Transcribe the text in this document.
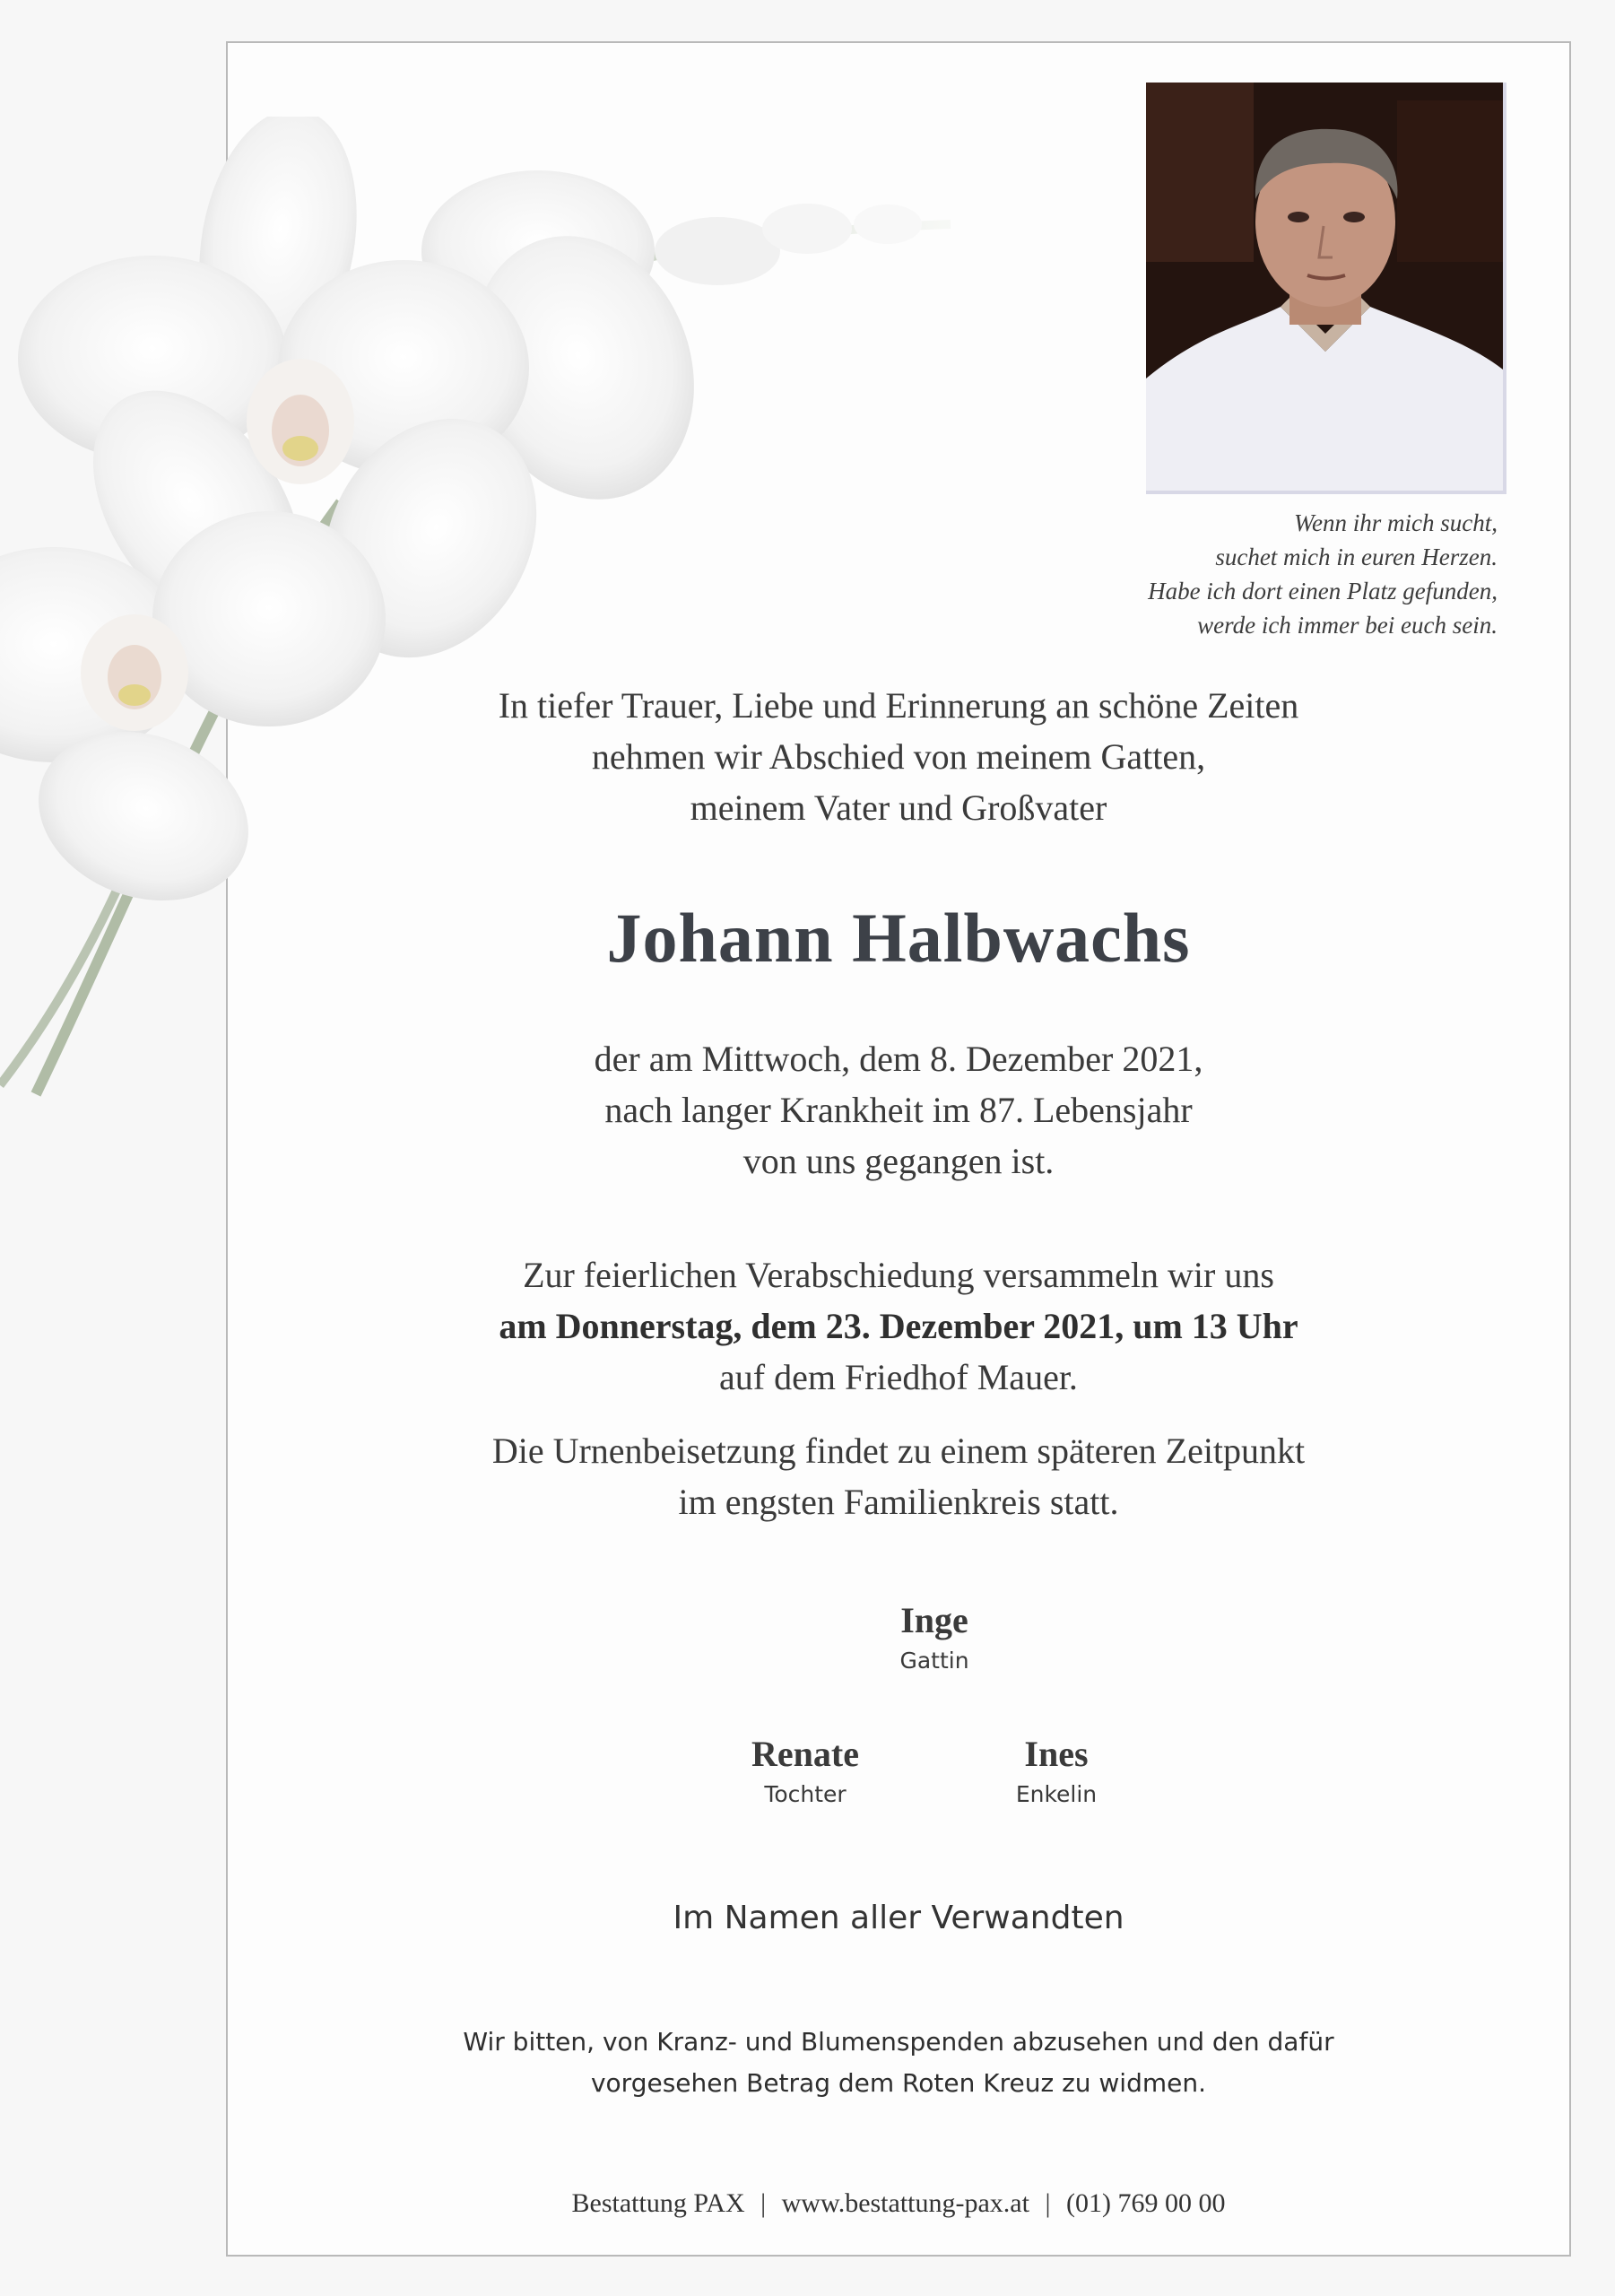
Wenn ihr mich sucht,
suchet mich in euren Herzen.
Habe ich dort einen Platz gefunden,
werde ich immer bei euch sein.

In tiefer Trauer, Liebe und Erinnerung an schöne Zeiten

nehmen wir Abschied von meinem Gatten,

meinem Vater und Großvater

Johann Halbwachs

der am Mittwoch, dem 8. Dezember 2021,

nach langer Krankheit im 87. Lebensjahr

von uns gegangen ist.

Zur feierlichen Verabschiedung versammeln wir uns

am Donnerstag, dem 23. Dezember 2021, um 13 Uhr

auf dem Friedhof Mauer.

Die Urnenbeisetzung findet zu einem späteren Zeitpunkt

im engsten Familienkreis statt.

Inge
Gattin
Renate
Tochter
Ines
Enkelin
Im Namen aller Verwandten
Wir bitten, von Kranz- und Blumenspenden abzusehen und den dafür
vorgesehen Betrag dem Roten Kreuz zu widmen.
Bestattung PAX | www.bestattung-pax.at | (01) 769 00 00
